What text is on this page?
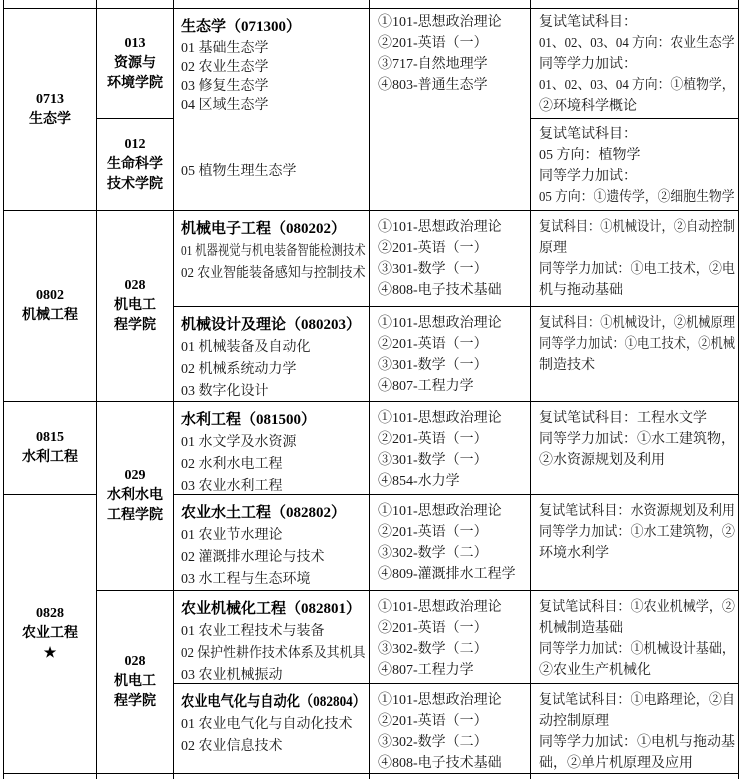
0713
生态学
0802
机械工程
0815
水利工程
0828
农业工程
★
013
资源与
环境学院
012
生命科学
技术学院
028
机电工
程学院
029
水利水电
工程学院
028
机电工
程学院
生态学（071300）
01 基础生态学
02 农业生态学
03 修复生态学
04 区域生态学
05 植物生理生态学
机械电子工程（080202）
01 机器视觉与机电装备智能检测技术
02 农业智能装备感知与控制技术
机械设计及理论（080203）
01 机械装备及自动化
02 机械系统动力学
03 数字化设计
水利工程（081500）
01 水文学及水资源
02 水利水电工程
03 农业水利工程
农业水土工程（082802）
01 农业节水理论
02 灌溉排水理论与技术
03 水工程与生态环境
农业机械化工程（082801）
01 农业工程技术与装备
02 保护性耕作技术体系及其机具
03 农业机械振动
农业电气化与自动化（082804）
01 农业电气化与自动化技术
02 农业信息技术
①101-思想政治理论
②201-英语（一）
③717-自然地理学
④803-普通生态学
①101-思想政治理论
②201-英语（一）
③301-数学（一）
④808-电子技术基础
①101-思想政治理论
②201-英语（一）
③301-数学（一）
④807-工程力学
①101-思想政治理论
②201-英语（一）
③301-数学（一）
④854-水力学
①101-思想政治理论
②201-英语（一）
③302-数学（二）
④809-灌溉排水工程学
①101-思想政治理论
②201-英语（一）
③302-数学（二）
④807-工程力学
①101-思想政治理论
②201-英语（一）
③302-数学（二）
④808-电子技术基础
复试笔试科目：
01、02、03、04 方向：农业生态学
同等学力加试：
01、02、03、04 方向：①植物学，
②环境科学概论
复试笔试科目：
05 方向：植物学
同等学力加试：
05 方向：①遗传学，②细胞生物学
复试科目：①机械设计，②自动控制
原理
同等学力加试：①电工技术，②电
机与拖动基础
复试科目：①机械设计，②机械原理
同等学力加试：①电工技术，②机械
制造技术
复试笔试科目：工程水文学
同等学力加试：①水工建筑物，
②水资源规划及利用
复试笔试科目：水资源规划及利用
同等学力加试：①水工建筑物，②
环境水利学
复试笔试科目：①农业机械学，②
机械制造基础
同等学力加试：①机械设计基础，
②农业生产机械化
复试笔试科目：①电路理论，②自
动控制原理
同等学力加试：①电机与拖动基
础，②单片机原理及应用
